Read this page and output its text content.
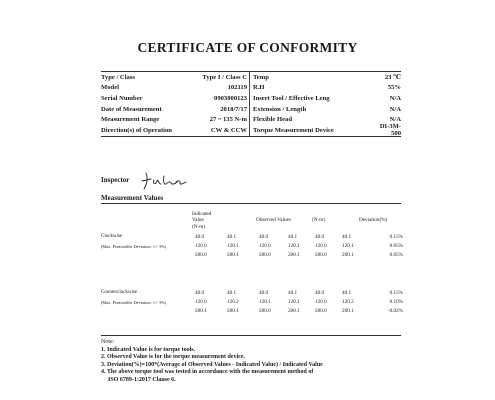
CERTIFICATE OF CONFORMITY
Type / Class	Type I / Class C Temp	23 ℃
Model	102119 R.H	55%
Serial Number	0903000123 Insert Tool / Effective Leng	N/A
Date of Measurement	2018/7/17 Extension / Length	N/A
Measurement Range	27 ~ 135 N-m Flexible Head	N/A
Direction(s) of Operation	CW & CCW Torque Measurement Device	DI-3M-500
Inspector
Measurement Values
Indicated
Value
(N-m)
Observed Values	(N-m)	Deviation(%)
Clockwise
(Max. Permissible Deviation: +/- 3%)
40.0	40.1	40.0	40.1	40.0	40.1	0.15%
120.0	120.1	120.0	120.1	120.0	120.1	0.05%
200.0	200.1	200.0	200.1	200.0	200.1	0.05%
Counterclockwise
(Max. Permissible Deviation: +/- 3%)
40.0	40.1	40.0	40.1	40.0	40.1	0.15%
120.0	120.2	120.1	120.1	120.0	120.2	0.10%
200.1	200.1	200.0	200.1	200.0	200.1	-0.02%
Note:
1. Indicated Value is for torque tools.
2. Observed Value is for the torque measurement device.
3. Deviation(%)=100*(Average of Observed Values - Indicated Value) / Indicated Value
4. The above torque tool was tested in accordance with the measurement method of
ISO 6789-1:2017 Clause 6.
